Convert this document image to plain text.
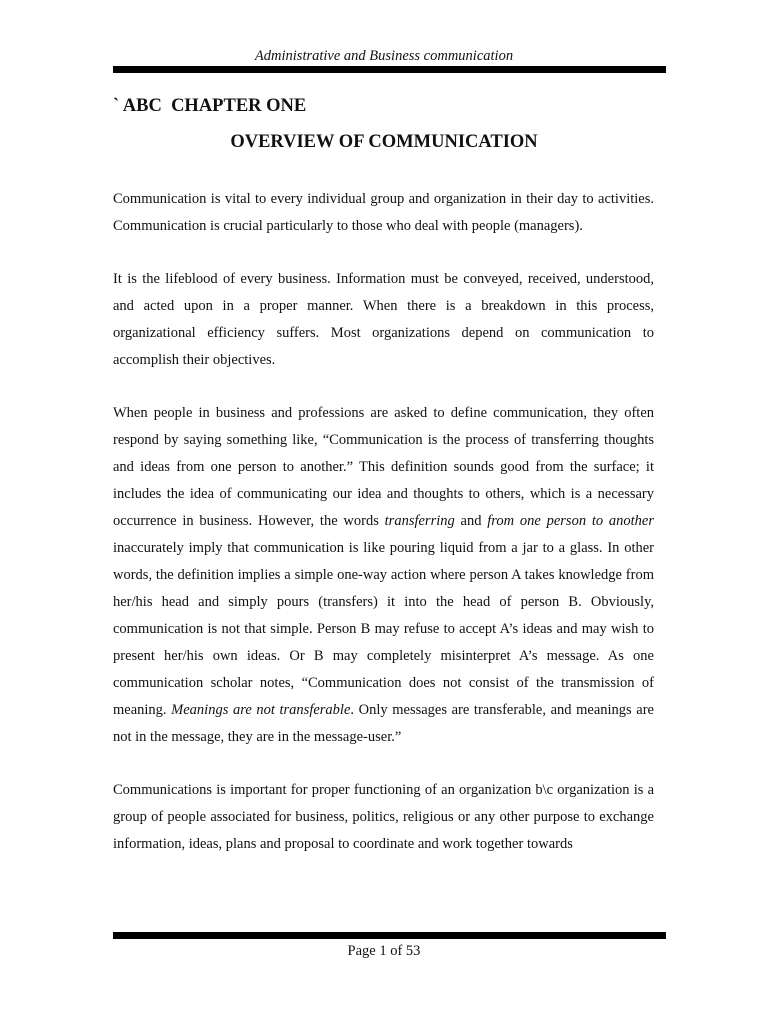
Administrative and Business communication
` ABC  CHAPTER ONE
OVERVIEW OF COMMUNICATION

Communication is vital to every individual group and organization in their day to activities. Communication is crucial particularly to those who deal with people (managers).

It is the lifeblood of every business. Information must be conveyed, received, understood, and acted upon in a proper manner. When there is a breakdown in this process, organizational efficiency suffers. Most organizations depend on communication to accomplish their objectives.

When people in business and professions are asked to define communication, they often respond by saying something like, “Communication is the process of transferring thoughts and ideas from one person to another.” This definition sounds good from the surface; it includes the idea of communicating our idea and thoughts to others, which is a necessary occurrence in business. However, the words transferring and from one person to another inaccurately imply that communication is like pouring liquid from a jar to a glass. In other words, the definition implies a simple one-way action where person A takes knowledge from her/his head and simply pours (transfers) it into the head of person B. Obviously, communication is not that simple. Person B may refuse to accept A’s ideas and may wish to present her/his own ideas. Or B may completely misinterpret A’s message. As one communication scholar notes, “Communication does not consist of the transmission of meaning. Meanings are not transferable. Only messages are transferable, and meanings are not in the message, they are in the message-user.”

Communications is important for proper functioning of an organization b\c organization is a group of people associated for business, politics, religious or any other purpose to exchange information, ideas, plans and proposal to coordinate and work together towards

Page 1 of 53
